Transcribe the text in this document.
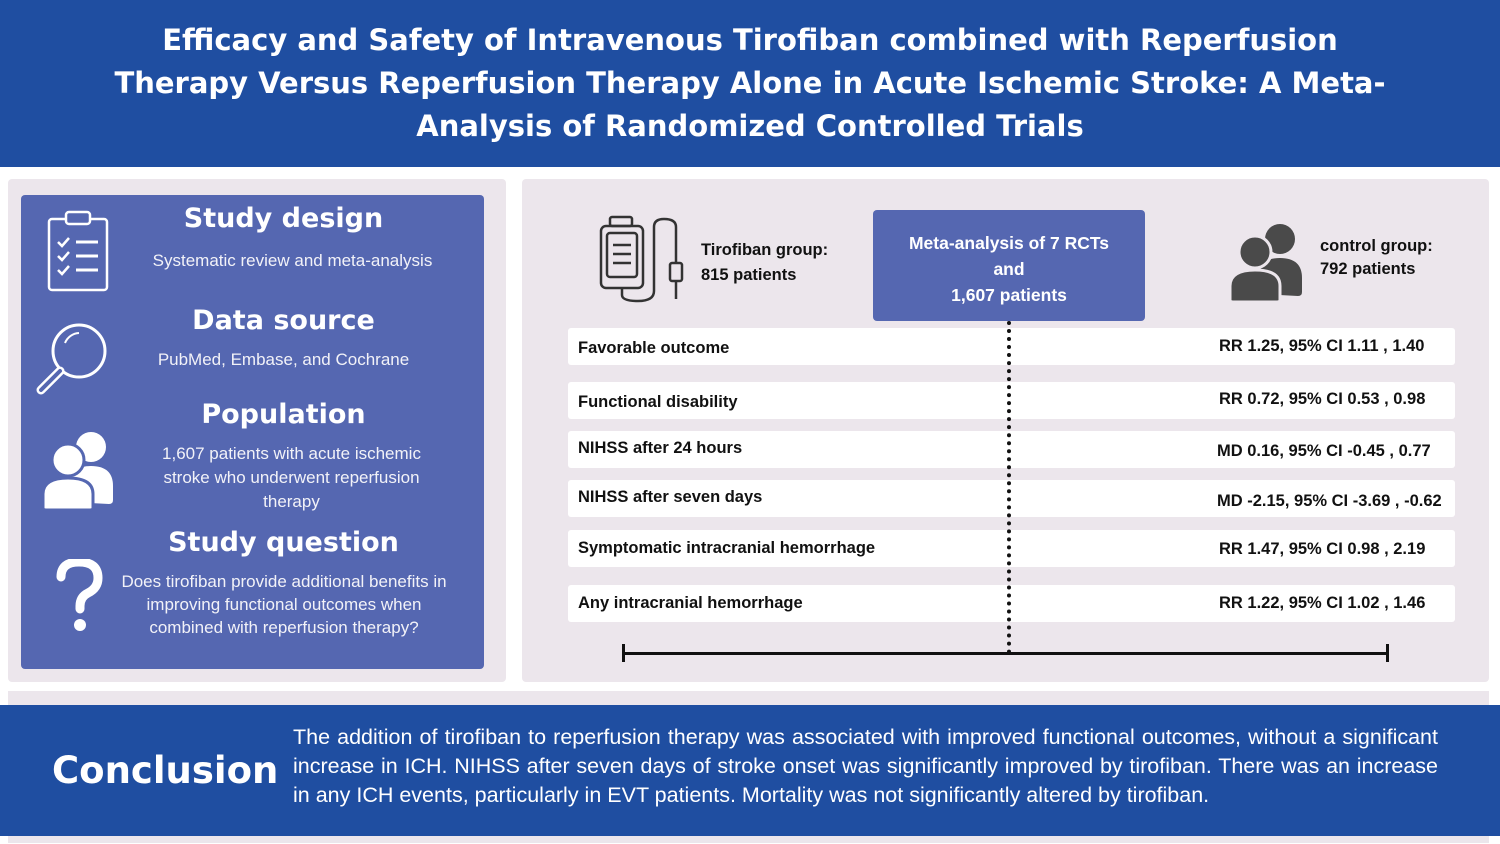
Efficacy and Safety of Intravenous Tirofiban combined with Reperfusion Therapy Versus Reperfusion Therapy Alone in Acute Ischemic Stroke: A Meta-Analysis of Randomized Controlled Trials
Study design
Systematic review and meta-analysis
Data source
PubMed, Embase, and Cochrane
Population
1,607 patients with acute ischemic stroke who underwent reperfusion therapy
Study question
Does tirofiban provide additional benefits in improving functional outcomes when combined with reperfusion therapy?
Tirofiban group:
815 patients
Meta-analysis of 7 RCTs
and
1,607 patients
control group:
792 patients
Favorable outcome	RR 1.25, 95% CI 1.11 , 1.40
Functional disability	RR 0.72, 95% CI 0.53 , 0.98
NIHSS after 24 hours	MD 0.16, 95% CI -0.45 , 0.77
NIHSS after seven days	MD -2.15, 95% CI -3.69 , -0.62
Symptomatic intracranial hemorrhage	RR 1.47, 95% CI 0.98 , 2.19
Any intracranial hemorrhage	RR 1.22, 95% CI 1.02 , 1.46
Conclusion
The addition of tirofiban to reperfusion therapy was associated with improved functional outcomes, without a significant increase in ICH. NIHSS after seven days of stroke onset was significantly improved by tirofiban. There was an increase in any ICH events, particularly in EVT patients. Mortality was not significantly altered by tirofiban.
